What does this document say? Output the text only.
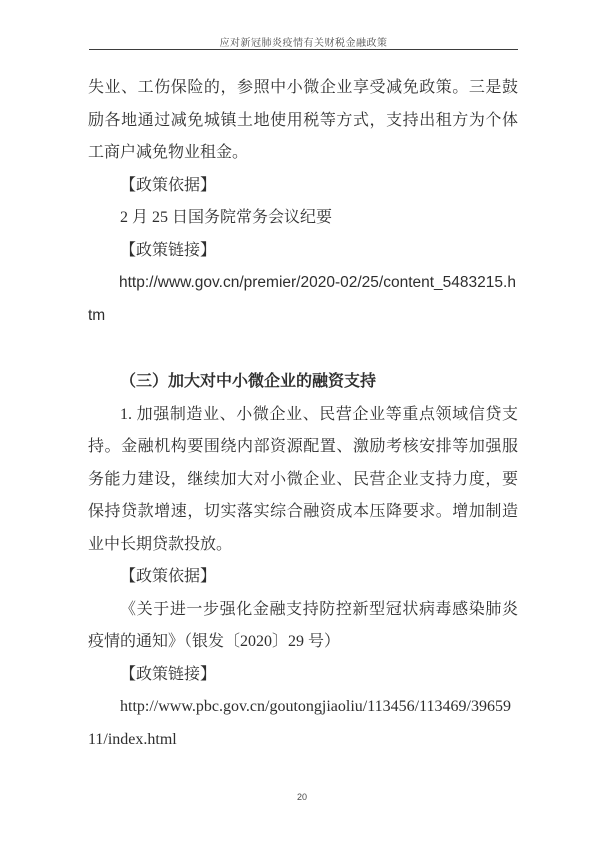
应对新冠肺炎疫情有关财税金融政策

失业、工伤保险的，参照中小微企业享受减免政策。三是鼓励各地通过减免城镇土地使用税等方式，支持出租方为个体工商户减免物业租金。

【政策依据】

2 月 25 日国务院常务会议纪要

【政策链接】

http://www.gov.cn/premier/2020-02/25/content_5483215.htm

（三）加大对中小微企业的融资支持

1. 加强制造业、小微企业、民营企业等重点领域信贷支持。金融机构要围绕内部资源配置、激励考核安排等加强服务能力建设，继续加大对小微企业、民营企业支持力度，要保持贷款增速，切实落实综合融资成本压降要求。增加制造业中长期贷款投放。

【政策依据】

《关于进一步强化金融支持防控新型冠状病毒感染肺炎疫情的通知》（银发〔2020〕29 号）

【政策链接】

http://www.pbc.gov.cn/goutongjiaoliu/113456/113469/3965911/index.html

20
